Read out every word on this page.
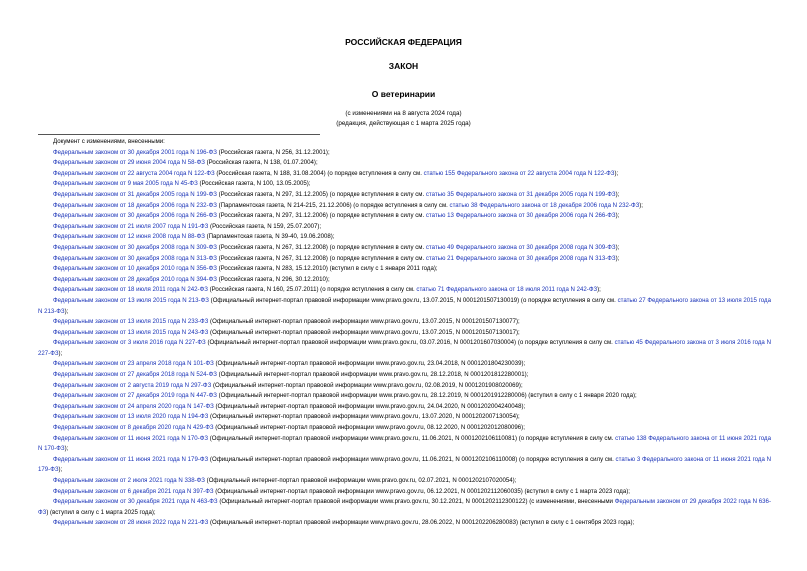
РОССИЙСКАЯ ФЕДЕРАЦИЯ

ЗАКОН

О ветеринарии

(с изменениями на 8 августа 2024 года)

(редакция, действующая с 1 марта 2025 года)

Документ с изменениями, внесенными:
Федеральным законом от 30 декабря 2001 года N 196-ФЗ (Российская газета, N 256, 31.12.2001);
Федеральным законом от 29 июня 2004 года N 58-ФЗ (Российская газета, N 138, 01.07.2004);
Федеральным законом от 22 августа 2004 года N 122-ФЗ (Российская газета, N 188, 31.08.2004) (о порядке вступления в силу см. статью 155 Федерального закона от 22 августа 2004 года N 122-ФЗ);
Федеральным законом от 9 мая 2005 года N 45-ФЗ (Российская газета, N 100, 13.05.2005);
Федеральным законом от 31 декабря 2005 года N 199-ФЗ (Российская газета, N 297, 31.12.2005) (о порядке вступления в силу см. статью 35 Федерального закона от 31 декабря 2005 года N 199-ФЗ);
Федеральным законом от 18 декабря 2006 года N 232-ФЗ (Парламентская газета, N 214-215, 21.12.2006) (о порядке вступления в силу см. статью 38 Федерального закона от 18 декабря 2006 года N 232-ФЗ);
Федеральным законом от 30 декабря 2006 года N 266-ФЗ (Российская газета, N 297, 31.12.2006) (о порядке вступления в силу см. статью 13 Федерального закона от 30 декабря 2006 года N 266-ФЗ);
Федеральным законом от 21 июля 2007 года N 191-ФЗ (Российская газета, N 159, 25.07.2007);
Федеральным законом от 12 июня 2008 года N 88-ФЗ (Парламентская газета, N 39-40, 19.06.2008);
Федеральным законом от 30 декабря 2008 года N 309-ФЗ (Российская газета, N 267, 31.12.2008) (о порядке вступления в силу см. статью 49 Федерального закона от 30 декабря 2008 года N 309-ФЗ);
Федеральным законом от 30 декабря 2008 года N 313-ФЗ (Российская газета, N 267, 31.12.2008) (о порядке вступления в силу см. статью 21 Федерального закона от 30 декабря 2008 года N 313-ФЗ);
Федеральным законом от 10 декабря 2010 года N 356-ФЗ (Российская газета, N 283, 15.12.2010) (вступил в силу с 1 января 2011 года);
Федеральным законом от 28 декабря 2010 года N 394-ФЗ (Российская газета, N 296, 30.12.2010);
Федеральным законом от 18 июля 2011 года N 242-ФЗ (Российская газета, N 160, 25.07.2011) (о порядке вступления в силу см. статью 71 Федерального закона от 18 июля 2011 года N 242-ФЗ);
Федеральным законом от 13 июля 2015 года N 213-ФЗ (Официальный интернет-портал правовой информации www.pravo.gov.ru, 13.07.2015, N 0001201507130019) (о порядке вступления в силу см. статью 27 Федерального закона от 13 июля 2015 года N 213-ФЗ);
Федеральным законом от 13 июля 2015 года N 233-ФЗ (Официальный интернет-портал правовой информации www.pravo.gov.ru, 13.07.2015, N 0001201507130077);
Федеральным законом от 13 июля 2015 года N 243-ФЗ (Официальный интернет-портал правовой информации www.pravo.gov.ru, 13.07.2015, N 0001201507130017);
Федеральным законом от 3 июля 2016 года N 227-ФЗ (Официальный интернет-портал правовой информации www.pravo.gov.ru, 03.07.2016, N 0001201607030004) (о порядке вступления в силу см. статью 45 Федерального закона от 3 июля 2016 года N 227-ФЗ);
Федеральным законом от 23 апреля 2018 года N 101-ФЗ (Официальный интернет-портал правовой информации www.pravo.gov.ru, 23.04.2018, N 0001201804230039);
Федеральным законом от 27 декабря 2018 года N 524-ФЗ (Официальный интернет-портал правовой информации www.pravo.gov.ru, 28.12.2018, N 0001201812280001);
Федеральным законом от 2 августа 2019 года N 297-ФЗ (Официальный интернет-портал правовой информации www.pravo.gov.ru, 02.08.2019, N 0001201908020069);
Федеральным законом от 27 декабря 2019 года N 447-ФЗ (Официальный интернет-портал правовой информации www.pravo.gov.ru, 28.12.2019, N 0001201912280006) (вступил в силу с 1 января 2020 года);
Федеральным законом от 24 апреля 2020 года N 147-ФЗ (Официальный интернет-портал правовой информации www.pravo.gov.ru, 24.04.2020, N 0001202004240048);
Федеральным законом от 13 июля 2020 года N 194-ФЗ (Официальный интернет-портал правовой информации www.pravo.gov.ru, 13.07.2020, N 0001202007130054);
Федеральным законом от 8 декабря 2020 года N 429-ФЗ (Официальный интернет-портал правовой информации www.pravo.gov.ru, 08.12.2020, N 0001202012080096);
Федеральным законом от 11 июня 2021 года N 170-ФЗ (Официальный интернет-портал правовой информации www.pravo.gov.ru, 11.06.2021, N 0001202106110081) (о порядке вступления в силу см. статью 138 Федерального закона от 11 июня 2021 года N 170-ФЗ);
Федеральным законом от 11 июня 2021 года N 179-ФЗ (Официальный интернет-портал правовой информации www.pravo.gov.ru, 11.06.2021, N 0001202106110008) (о порядке вступления в силу см. статью 3 Федерального закона от 11 июня 2021 года N 179-ФЗ);
Федеральным законом от 2 июля 2021 года N 338-ФЗ (Официальный интернет-портал правовой информации www.pravo.gov.ru, 02.07.2021, N 0001202107020054);
Федеральным законом от 6 декабря 2021 года N 397-ФЗ (Официальный интернет-портал правовой информации www.pravo.gov.ru, 06.12.2021, N 0001202112060035) (вступил в силу с 1 марта 2023 года);
Федеральным законом от 30 декабря 2021 года N 463-ФЗ (Официальный интернет-портал правовой информации www.pravo.gov.ru, 30.12.2021, N 0001202112300122) (с изменениями, внесенными Федеральным законом от 29 декабря 2022 года N 636-ФЗ) (вступил в силу с 1 марта 2025 года);
Федеральным законом от 28 июня 2022 года N 221-ФЗ (Официальный интернет-портал правовой информации www.pravo.gov.ru, 28.06.2022, N 0001202206280083) (вступил в силу с 1 сентября 2023 года);
